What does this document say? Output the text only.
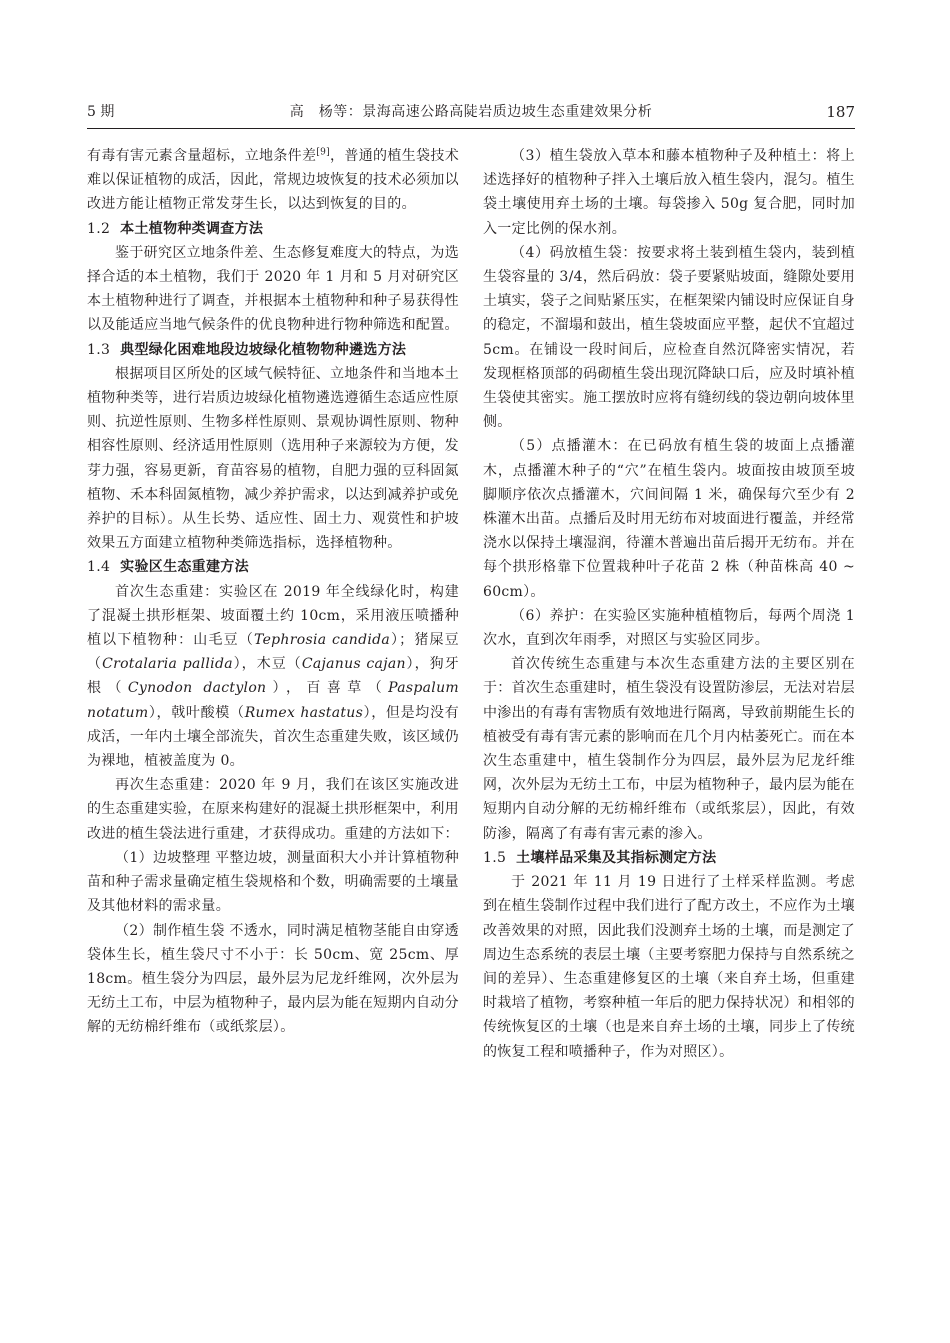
5 期	高　杨等：景海高速公路高陡岩质边坡生态重建效果分析	187

有毒有害元素含量超标，立地条件差[9]，普通的植生袋技术难以保证植物的成活，因此，常规边坡恢复的技术必须加以改进方能让植物正常发芽生长，以达到恢复的目的。

1.2 本土植物种类调查方法

鉴于研究区立地条件差、生态修复难度大的特点，为选择合适的本土植物，我们于 2020 年 1 月和 5 月对研究区本土植物种进行了调查，并根据本土植物种和种子易获得性以及能适应当地气候条件的优良物种进行物种筛选和配置。

1.3 典型绿化困难地段边坡绿化植物物种遴选方法

根据项目区所处的区域气候特征、立地条件和当地本土植物种类等，进行岩质边坡绿化植物遴选遵循生态适应性原则、抗逆性原则、生物多样性原则、景观协调性原则、物种相容性原则、经济适用性原则（选用种子来源较为方便，发芽力强，容易更新，育苗容易的植物，自肥力强的豆科固氮植物、禾本科固氮植物，减少养护需求，以达到减养护或免养护的目标）。从生长势、适应性、固土力、观赏性和护坡效果五方面建立植物种类筛选指标，选择植物种。

1.4 实验区生态重建方法

首次生态重建：实验区在 2019 年全线绿化时，构建了混凝土拱形框架、坡面覆土约 10cm，采用液压喷播种植以下植物种：山毛豆（Tephrosia candida）；猪屎豆（Crotalaria pallida），木豆（Cajanus cajan），狗牙根（Cynodon dactylon），百喜草（Paspalum notatum），戟叶酸模（Rumex hastatus），但是均没有成活，一年内土壤全部流失，首次生态重建失败，该区域仍为裸地，植被盖度为 0。

再次生态重建：2020 年 9 月，我们在该区实施改进的生态重建实验，在原来构建好的混凝土拱形框架中，利用改进的植生袋法进行重建，才获得成功。重建的方法如下：

（1）边坡整理 平整边坡，测量面积大小并计算植物种苗和种子需求量确定植生袋规格和个数，明确需要的土壤量及其他材料的需求量。

（2）制作植生袋 不透水，同时满足植物茎能自由穿透袋体生长，植生袋尺寸不小于：长 50cm、宽 25cm、厚 18cm。植生袋分为四层，最外层为尼龙纤维网，次外层为无纺土工布，中层为植物种子，最内层为能在短期内自动分解的无纺棉纤维布（或纸浆层）。

（3）植生袋放入草本和藤本植物种子及种植土：将上述选择好的植物种子拌入土壤后放入植生袋内，混匀。植生袋土壤使用弃土场的土壤。每袋掺入 50g 复合肥，同时加入一定比例的保水剂。

（4）码放植生袋：按要求将土装到植生袋内，装到植生袋容量的 3/4，然后码放：袋子要紧贴坡面，缝隙处要用土填实，袋子之间贴紧压实，在框架梁内铺设时应保证自身的稳定，不溜塌和鼓出，植生袋坡面应平整，起伏不宜超过 5cm。在铺设一段时间后，应检查自然沉降密实情况，若发现框格顶部的码砌植生袋出现沉降缺口后，应及时填补植生袋使其密实。施工摆放时应将有缝纫线的袋边朝向坡体里侧。

（5）点播灌木：在已码放有植生袋的坡面上点播灌木，点播灌木种子的“穴”在植生袋内。坡面按由坡顶至坡脚顺序依次点播灌木，穴间间隔 1 米，确保每穴至少有 2 株灌木出苗。点播后及时用无纺布对坡面进行覆盖，并经常浇水以保持土壤湿润，待灌木普遍出苗后揭开无纺布。并在每个拱形格靠下位置栽种叶子花苗 2 株（种苗株高 40 ~ 60cm）。

（6）养护：在实验区实施种植植物后，每两个周浇 1 次水，直到次年雨季，对照区与实验区同步。

首次传统生态重建与本次生态重建方法的主要区别在于：首次生态重建时，植生袋没有设置防渗层，无法对岩层中渗出的有毒有害物质有效地进行隔离，导致前期能生长的植被受有毒有害元素的影响而在几个月内枯萎死亡。而在本次生态重建中，植生袋制作分为四层，最外层为尼龙纤维网，次外层为无纺土工布，中层为植物种子，最内层为能在短期内自动分解的无纺棉纤维布（或纸浆层），因此，有效防渗，隔离了有毒有害元素的渗入。

1.5 土壤样品采集及其指标测定方法

于 2021 年 11 月 19 日进行了土样采样监测。考虑到在植生袋制作过程中我们进行了配方改土，不应作为土壤改善效果的对照，因此我们没测弃土场的土壤，而是测定了周边生态系统的表层土壤（主要考察肥力保持与自然系统之间的差异）、生态重建修复区的土壤（来自弃土场，但重建时栽培了植物，考察种植一年后的肥力保持状况）和相邻的传统恢复区的土壤（也是来自弃土场的土壤，同步上了传统的恢复工程和喷播种子，作为对照区）。
